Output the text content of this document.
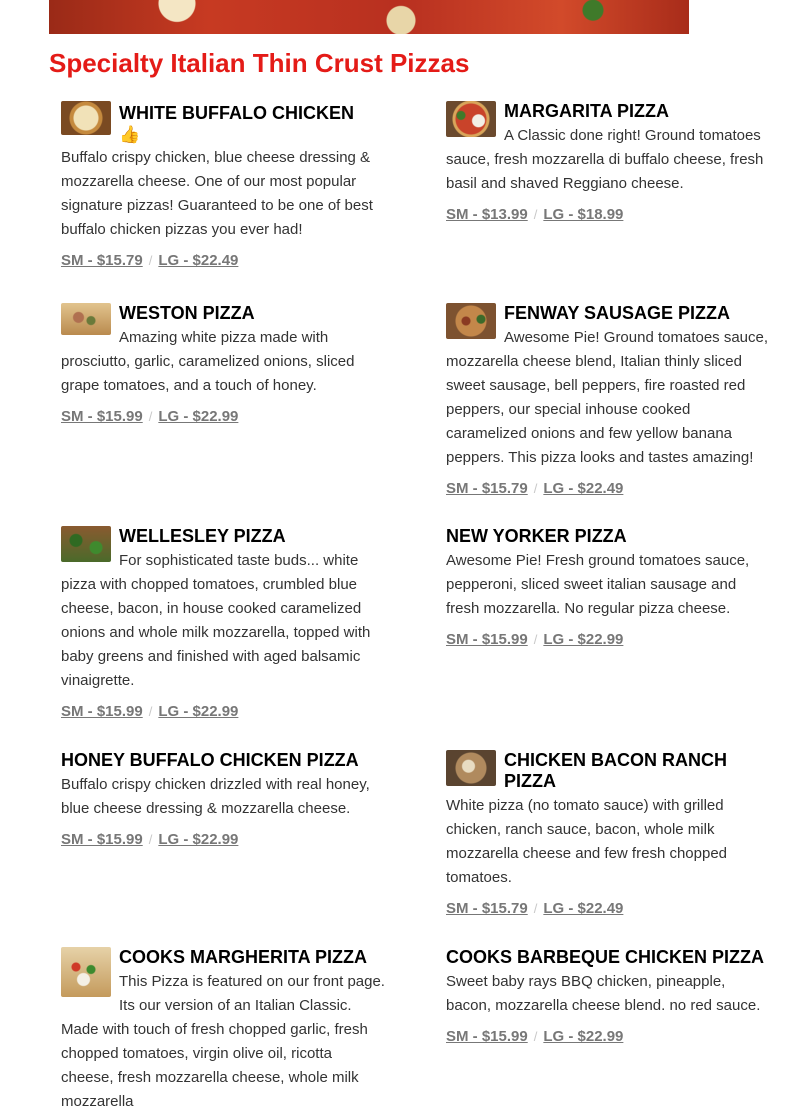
Specialty Italian Thin Crust Pizzas
WHITE BUFFALO CHICKEN
👍

Buffalo crispy chicken, blue cheese dressing & mozzarella cheese. One of our most popular signature pizzas! Guaranteed to be one of best buffalo chicken pizzas you ever had!

SM - $15.79 / LG - $22.49
MARGARITA PIZZA

A Classic done right! Ground tomatoes sauce, fresh mozzarella di buffalo cheese, fresh basil and shaved Reggiano cheese.

SM - $13.99 / LG - $18.99
WESTON PIZZA

Amazing white pizza made with prosciutto, garlic, caramelized onions, sliced grape tomatoes, and a touch of honey.

SM - $15.99 / LG - $22.99
FENWAY SAUSAGE PIZZA

Awesome Pie! Ground tomatoes sauce, mozzarella cheese blend, Italian thinly sliced sweet sausage, bell peppers, fire roasted red peppers, our special inhouse cooked caramelized onions and few yellow banana peppers. This pizza looks and tastes amazing!

SM - $15.79 / LG - $22.49
WELLESLEY PIZZA

For sophisticated taste buds... white pizza with chopped tomatoes, crumbled blue cheese, bacon, in house cooked caramelized onions and whole milk mozzarella, topped with baby greens and finished with aged balsamic vinaigrette.

SM - $15.99 / LG - $22.99
NEW YORKER PIZZA

Awesome Pie! Fresh ground tomatoes sauce, pepperoni, sliced sweet italian sausage and fresh mozzarella. No regular pizza cheese.

SM - $15.99 / LG - $22.99
HONEY BUFFALO CHICKEN PIZZA

Buffalo crispy chicken drizzled with real honey, blue cheese dressing & mozzarella cheese.

SM - $15.99 / LG - $22.99
CHICKEN BACON RANCH PIZZA

White pizza (no tomato sauce) with grilled chicken, ranch sauce, bacon, whole milk mozzarella cheese and few fresh chopped tomatoes.

SM - $15.79 / LG - $22.49
COOKS MARGHERITA PIZZA

This Pizza is featured on our front page. Its our version of an Italian Classic. Made with touch of fresh chopped garlic, fresh chopped tomatoes, virgin olive oil, ricotta cheese, fresh mozzarella cheese, whole milk mozzarella

COOKS BARBEQUE CHICKEN PIZZA

Sweet baby rays BBQ chicken, pineapple, bacon, mozzarella cheese blend. no red sauce.

SM - $15.99 / LG - $22.99
